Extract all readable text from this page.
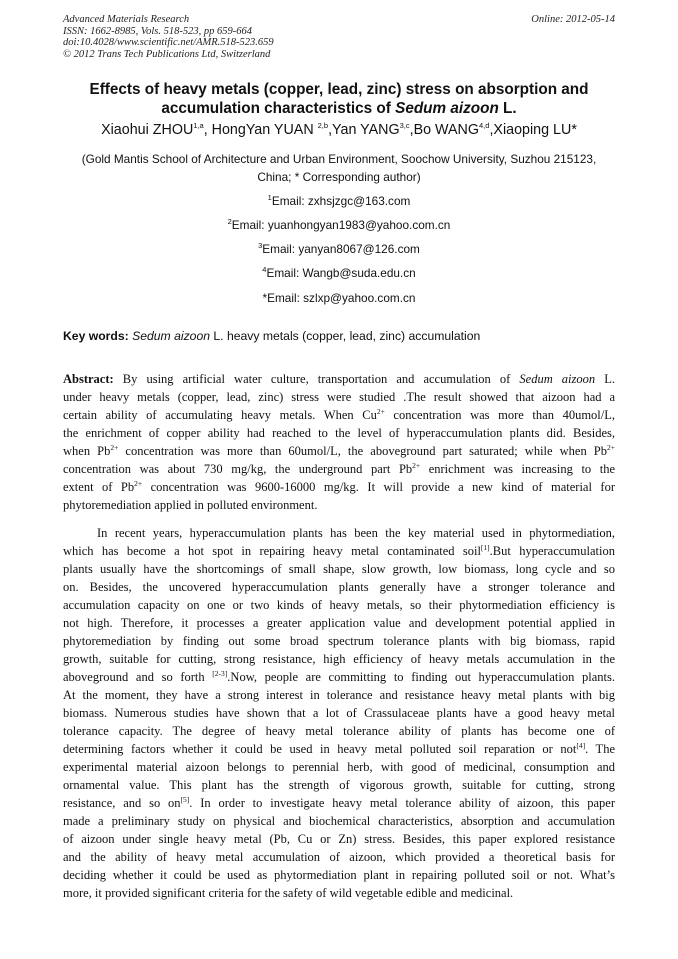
Advanced Materials Research
ISSN: 1662-8985, Vols. 518-523, pp 659-664
doi:10.4028/www.scientific.net/AMR.518-523.659
© 2012 Trans Tech Publications Ltd, Switzerland
Online: 2012-05-14
Effects of heavy metals (copper, lead, zinc) stress on absorption and
accumulation characteristics of Sedum aizoon L.
Xiaohui ZHOU$^{1,a}$, HongYan YUAN $^{2,b}$,Yan YANG$^{3,c}$,Bo WANG$^{4,d}$,Xiaoping LU*
(Gold Mantis School of Architecture and Urban Environment, Soochow University, Suzhou 215123,
China; * Corresponding author)
$^1$Email: zxhsjzgc@163.com
$^2$Email: yuanhongyan1983@yahoo.com.cn
$^3$Email: yanyan8067@126.com
$^4$Email: Wangb@suda.edu.cn
*Email: szlxp@yahoo.com.cn
Key words: Sedum aizoon L. heavy metals (copper, lead, zinc) accumulation
Abstract: By using artificial water culture, transportation and accumulation of Sedum aizoon L.
under heavy metals (copper, lead, zinc) stress were studied .The result showed that aizoon had a
certain ability of accumulating heavy metals. When $Cu^{2+}$ concentration was more than 40umol/L,
the enrichment of copper ability had reached to the level of hyperaccumulation plants did. Besides,
when $Pb^{2+}$ concentration was more than 60umol/L, the aboveground part saturated; while when $Pb^{2+}$
concentration was about 730 mg/kg, the underground part $Pb^{2+}$ enrichment was increasing to the
extent of $Pb^{2+}$ concentration was 9600-16000 mg/kg. It will provide a new kind of material for
phytoremediation applied in polluted environment.
In recent years, hyperaccumulation plants has been the key material used in phytormediation,
which has become a hot spot in repairing heavy metal contaminated soil[1].But hyperaccumulation
plants usually have the shortcomings of small shape, slow growth, low biomass, long cycle and so
on. Besides, the uncovered hyperaccumulation plants generally have a stronger tolerance and
accumulation capacity on one or two kinds of heavy metals, so their phytormediation efficiency is
not high. Therefore, it processes a greater application value and development potential applied in
phytoremediation by finding out some broad spectrum tolerance plants with big biomass, rapid
growth, suitable for cutting, strong resistance, high efficiency of heavy metals accumulation in the
aboveground and so forth [2-3].Now, people are committing to finding out hyperaccumulation plants.
At the moment, they have a strong interest in tolerance and resistance heavy metal plants with big
biomass. Numerous studies have shown that a lot of Crassulaceae plants have a good heavy metal
tolerance capacity. The degree of heavy metal tolerance ability of plants has become one of
determining factors whether it could be used in heavy metal polluted soil reparation or not[4]. The
experimental material aizoon belongs to perennial herb, with good of medicinal, consumption and
ornamental value. This plant has the strength of vigorous growth, suitable for cutting, strong
resistance, and so on[5]. In order to investigate heavy metal tolerance ability of aizoon, this paper
made a preliminary study on physical and biochemical characteristics, absorption and accumulation
of aizoon under single heavy metal (Pb, Cu or Zn) stress. Besides, this paper explored resistance
and the ability of heavy metal accumulation of aizoon, which provided a theoretical basis for
deciding whether it could be used as phytormediation plant in repairing polluted soil or not. What’s
more, it provided significant criteria for the safety of wild vegetable edible and medicinal.
